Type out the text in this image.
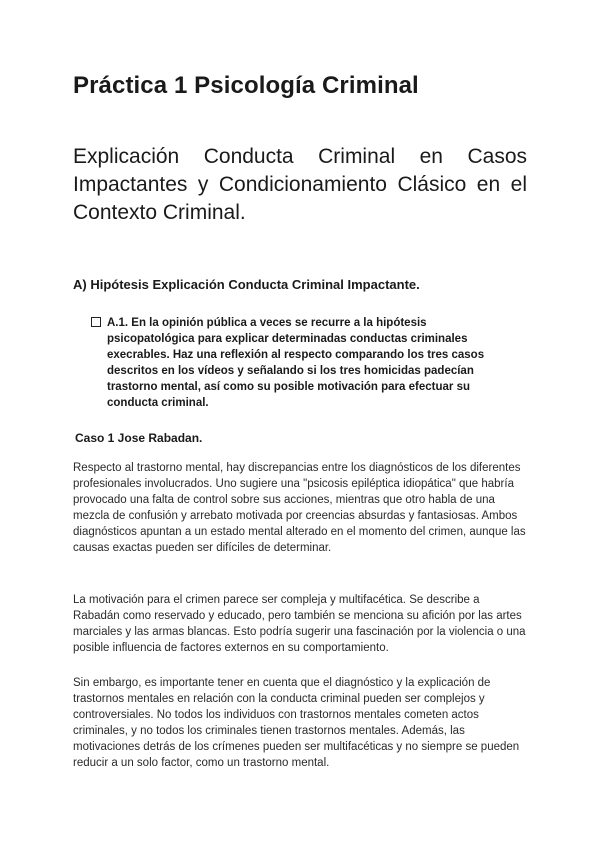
Práctica 1 Psicología Criminal
Explicación Conducta Criminal en Casos Impactantes y Condicionamiento Clásico en el Contexto Criminal.
A) Hipótesis Explicación Conducta Criminal Impactante.
A.1. En la opinión pública a veces se recurre a la hipótesis psicopatológica para explicar determinadas conductas criminales execrables. Haz una reflexión al respecto comparando los tres casos descritos en los vídeos y señalando si los tres homicidas padecían trastorno mental, así como su posible motivación para efectuar su conducta criminal.
Caso 1 Jose Rabadan.

Respecto al trastorno mental, hay discrepancias entre los diagnósticos de los diferentes profesionales involucrados. Uno sugiere una "psicosis epiléptica idiopática" que habría provocado una falta de control sobre sus acciones, mientras que otro habla de una mezcla de confusión y arrebato motivada por creencias absurdas y fantasiosas. Ambos diagnósticos apuntan a un estado mental alterado en el momento del crimen, aunque las causas exactas pueden ser difíciles de determinar.

La motivación para el crimen parece ser compleja y multifacética. Se describe a Rabadán como reservado y educado, pero también se menciona su afición por las artes marciales y las armas blancas. Esto podría sugerir una fascinación por la violencia o una posible influencia de factores externos en su comportamiento.

Sin embargo, es importante tener en cuenta que el diagnóstico y la explicación de trastornos mentales en relación con la conducta criminal pueden ser complejos y controversiales. No todos los individuos con trastornos mentales cometen actos criminales, y no todos los criminales tienen trastornos mentales. Además, las motivaciones detrás de los crímenes pueden ser multifacéticas y no siempre se pueden reducir a un solo factor, como un trastorno mental.
